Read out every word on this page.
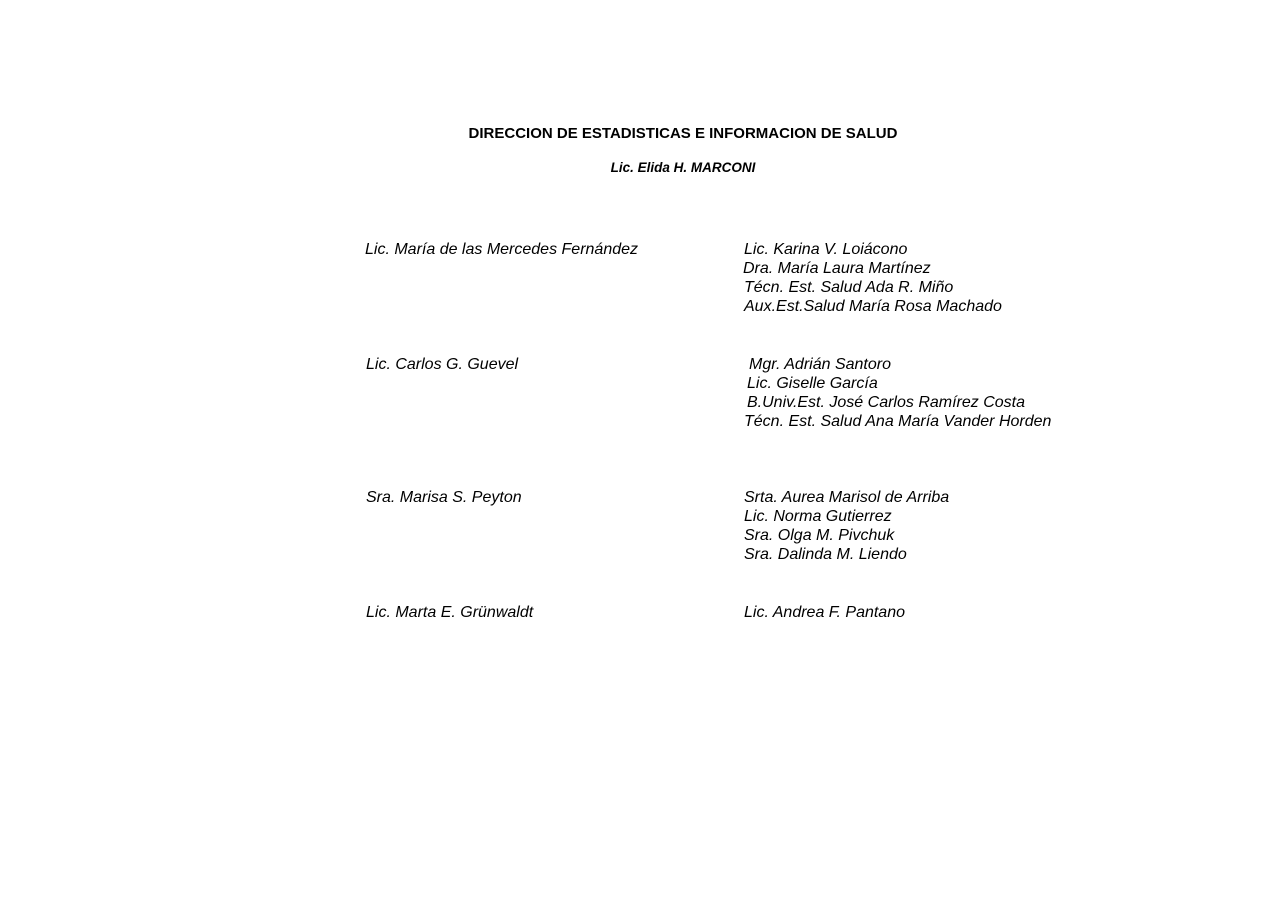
DIRECCION DE ESTADISTICAS E INFORMACION DE SALUD
Lic. Elida H. MARCONI
Lic. María de las Mercedes Fernández	Lic. Karina V. Loiácono
Dra. María Laura Martínez
Técn. Est. Salud Ada R. Miño
Aux.Est.Salud María Rosa Machado
Lic. Carlos G. Guevel	Mgr. Adrián Santoro
Lic. Giselle García
B.Univ.Est. José Carlos Ramírez Costa
Técn. Est. Salud Ana María Vander Horden
Sra. Marisa S. Peyton	Srta. Aurea Marisol de Arriba
Lic. Norma Gutierrez
Sra. Olga M. Pivchuk
Sra. Dalinda M. Liendo
Lic. Marta E. Grünwaldt	Lic. Andrea F. Pantano
